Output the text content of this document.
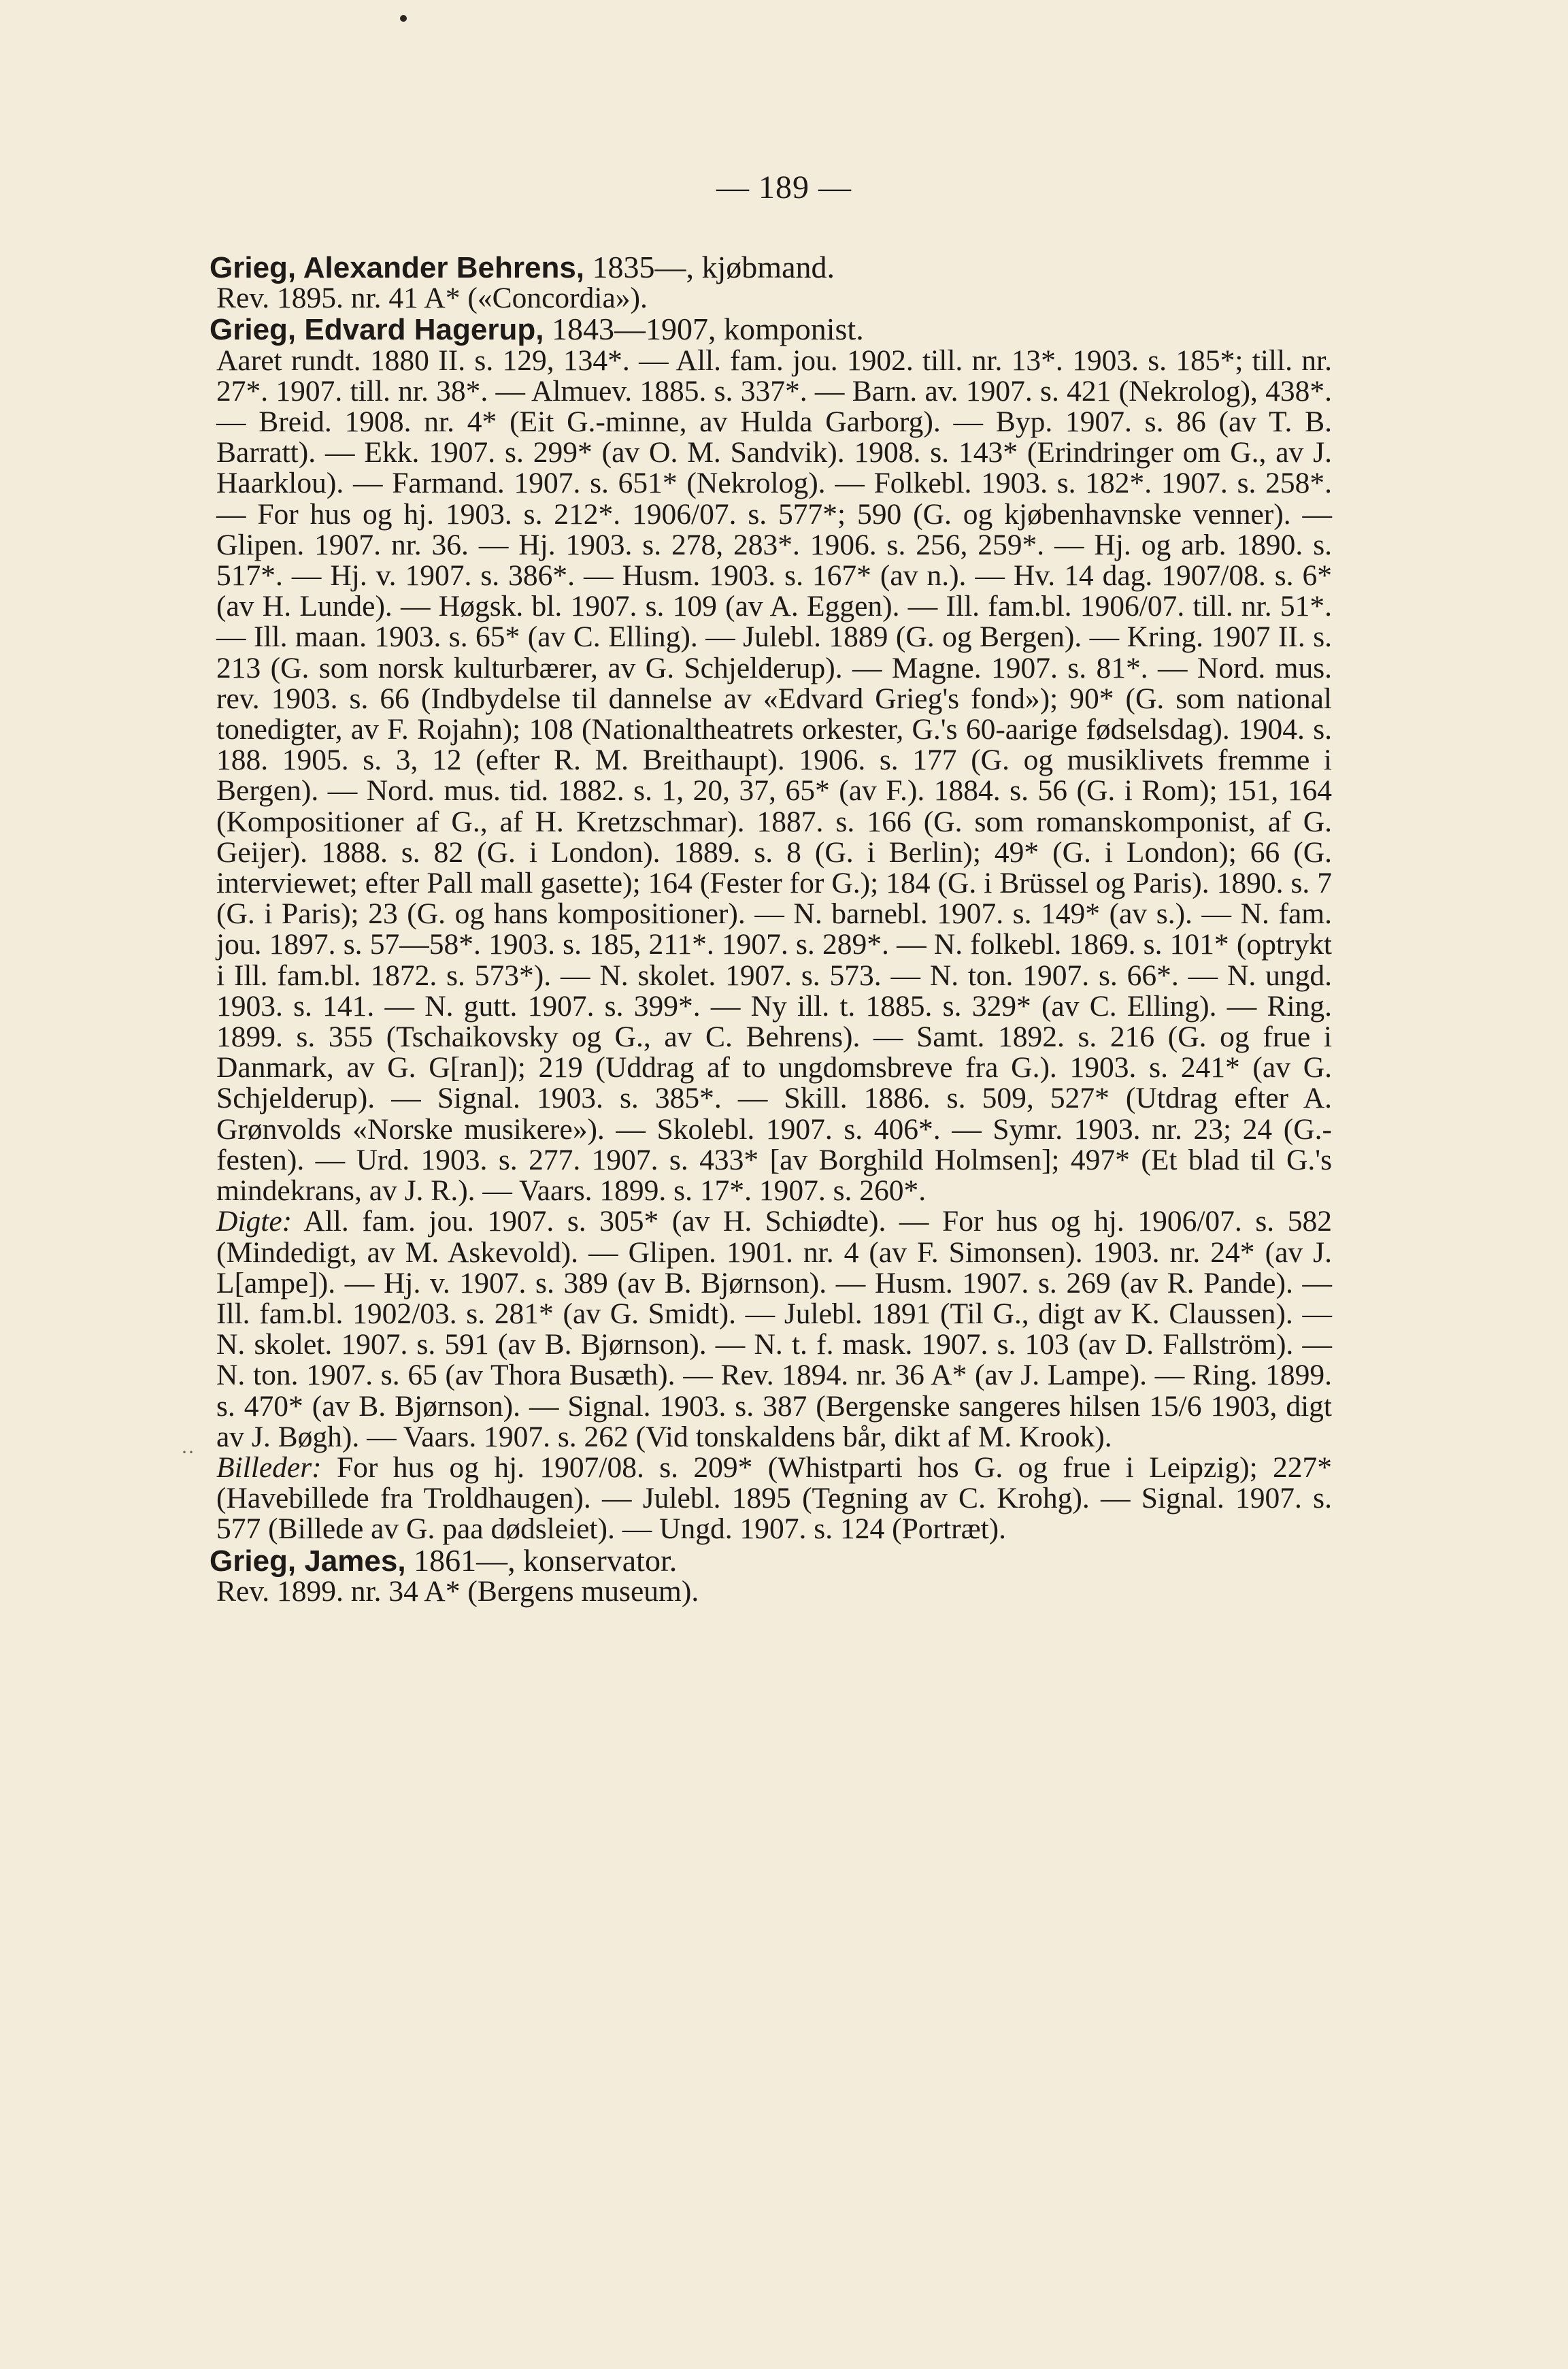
— 189 —
··
Grieg, Alexander Behrens, 1835—, kjøbmand.
Rev. 1895. nr. 41 A* («Concordia»).
Grieg, Edvard Hagerup, 1843—1907, komponist.
Aaret rundt. 1880 II. s. 129, 134*. — All. fam. jou. 1902. till. nr. 13*. 1903. s. 185*; till. nr. 27*. 1907. till. nr. 38*. — Almuev. 1885. s. 337*. — Barn. av. 1907. s. 421 (Nekrolog), 438*. — Breid. 1908. nr. 4* (Eit G.-minne, av Hulda Garborg). — Byp. 1907. s. 86 (av T. B. Barratt). — Ekk. 1907. s. 299* (av O. M. Sandvik). 1908. s. 143* (Erindringer om G., av J. Haarklou). — Farmand. 1907. s. 651* (Nekrolog). — Folkebl. 1903. s. 182*. 1907. s. 258*. — For hus og hj. 1903. s. 212*. 1906/07. s. 577*; 590 (G. og kjøbenhavnske venner). — Glipen. 1907. nr. 36. — Hj. 1903. s. 278, 283*. 1906. s. 256, 259*. — Hj. og arb. 1890. s. 517*. — Hj. v. 1907. s. 386*. — Husm. 1903. s. 167* (av n.). — Hv. 14 dag. 1907/08. s. 6* (av H. Lunde). — Høgsk. bl. 1907. s. 109 (av A. Eggen). — Ill. fam.bl. 1906/07. till. nr. 51*. — Ill. maan. 1903. s. 65* (av C. Elling). — Julebl. 1889 (G. og Bergen). — Kring. 1907 II. s. 213 (G. som norsk kulturbærer, av G. Schjelderup). — Magne. 1907. s. 81*. — Nord. mus. rev. 1903. s. 66 (Indbydelse til dannelse av «Edvard Grieg's fond»); 90* (G. som national tonedigter, av F. Rojahn); 108 (Nationaltheatrets orkester, G.'s 60-aarige fødselsdag). 1904. s. 188. 1905. s. 3, 12 (efter R. M. Breithaupt). 1906. s. 177 (G. og musiklivets fremme i Bergen). — Nord. mus. tid. 1882. s. 1, 20, 37, 65* (av F.). 1884. s. 56 (G. i Rom); 151, 164 (Kompositioner af G., af H. Kretzschmar). 1887. s. 166 (G. som romanskomponist, af G. Geijer). 1888. s. 82 (G. i London). 1889. s. 8 (G. i Berlin); 49* (G. i London); 66 (G. interviewet; efter Pall mall gasette); 164 (Fester for G.); 184 (G. i Brüssel og Paris). 1890. s. 7 (G. i Paris); 23 (G. og hans kompositioner). — N. barnebl. 1907. s. 149* (av s.). — N. fam. jou. 1897. s. 57—58*. 1903. s. 185, 211*. 1907. s. 289*. — N. folkebl. 1869. s. 101* (optrykt i Ill. fam.bl. 1872. s. 573*). — N. skolet. 1907. s. 573. — N. ton. 1907. s. 66*. — N. ungd. 1903. s. 141. — N. gutt. 1907. s. 399*. — Ny ill. t. 1885. s. 329* (av C. Elling). — Ring. 1899. s. 355 (Tschaikovsky og G., av C. Behrens). — Samt. 1892. s. 216 (G. og frue i Danmark, av G. G[ran]); 219 (Uddrag af to ungdomsbreve fra G.). 1903. s. 241* (av G. Schjelderup). — Signal. 1903. s. 385*. — Skill. 1886. s. 509, 527* (Utdrag efter A. Grønvolds «Norske musikere»). — Skolebl. 1907. s. 406*. — Symr. 1903. nr. 23; 24 (G.-festen). — Urd. 1903. s. 277. 1907. s. 433* [av Borghild Holmsen]; 497* (Et blad til G.'s mindekrans, av J. R.). — Vaars. 1899. s. 17*. 1907. s. 260*.
Digte: All. fam. jou. 1907. s. 305* (av H. Schiødte). — For hus og hj. 1906/07. s. 582 (Mindedigt, av M. Askevold). — Glipen. 1901. nr. 4 (av F. Simonsen). 1903. nr. 24* (av J. L[ampe]). — Hj. v. 1907. s. 389 (av B. Bjørnson). — Husm. 1907. s. 269 (av R. Pande). — Ill. fam.bl. 1902/03. s. 281* (av G. Smidt). — Julebl. 1891 (Til G., digt av K. Claussen). — N. skolet. 1907. s. 591 (av B. Bjørnson). — N. t. f. mask. 1907. s. 103 (av D. Fallström). — N. ton. 1907. s. 65 (av Thora Busæth). — Rev. 1894. nr. 36 A* (av J. Lampe). — Ring. 1899. s. 470* (av B. Bjørnson). — Signal. 1903. s. 387 (Bergenske sangeres hilsen 15/6 1903, digt av J. Bøgh). — Vaars. 1907. s. 262 (Vid tonskaldens bår, dikt af M. Krook).
Billeder: For hus og hj. 1907/08. s. 209* (Whistparti hos G. og frue i Leipzig); 227* (Havebillede fra Troldhaugen). — Julebl. 1895 (Tegning av C. Krohg). — Signal. 1907. s. 577 (Billede av G. paa dødsleiet). — Ungd. 1907. s. 124 (Portræt).
Grieg, James, 1861—, konservator.
Rev. 1899. nr. 34 A* (Bergens museum).
